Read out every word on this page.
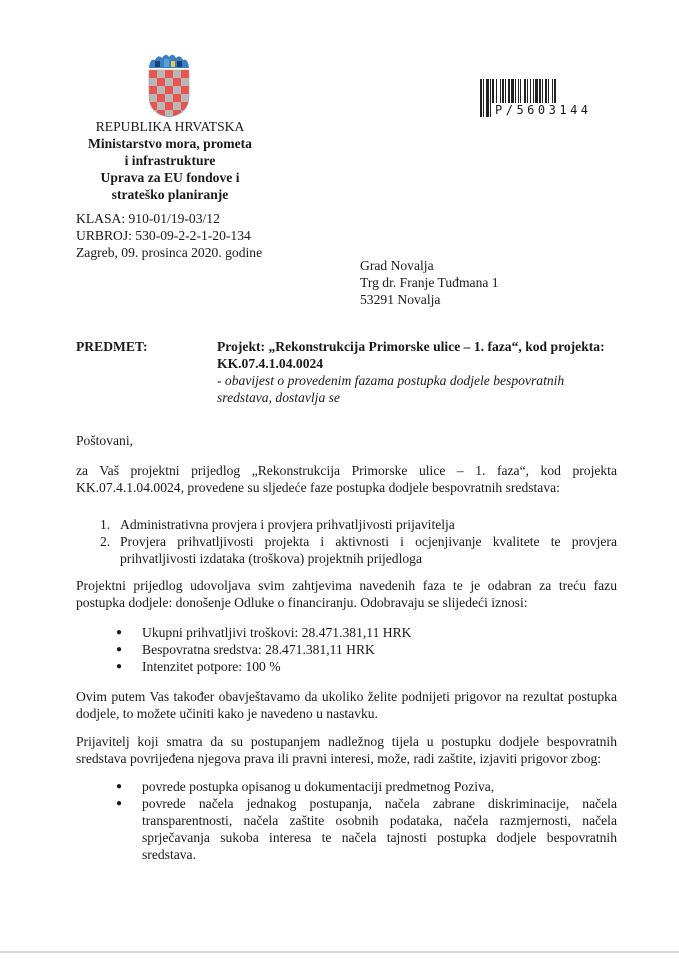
REPUBLIKA HRVATSKA
Ministarstvo mora, prometa
i infrastrukture
Uprava za EU fondove i
strateško planiranje
KLASA: 910-01/19-03/12
URBROJ: 530-09-2-2-1-20-134
Zagreb, 09. prosinca 2020. godine
P/5603144
Grad Novalja
Trg dr. Franje Tuđmana 1
53291 Novalja
PREDMET:	Projekt: „Rekonstrukcija Primorske ulice – 1. faza“, kod projekta: KK.07.4.1.04.0024
- obavijest o provedenim fazama postupka dodjele bespovratnih sredstava, dostavlja se
Poštovani,
za Vaš projektni prijedlog „Rekonstrukcija Primorske ulice – 1. faza“, kod projekta KK.07.4.1.04.0024, provedene su sljedeće faze postupka dodjele bespovratnih sredstava:
1. Administrativna provjera i provjera prihvatljivosti prijavitelja
2. Provjera prihvatljivosti projekta i aktivnosti i ocjenjivanje kvalitete te provjera prihvatljivosti izdataka (troškova) projektnih prijedloga
Projektni prijedlog udovoljava svim zahtjevima navedenih faza te je odabran za treću fazu postupka dodjele: donošenje Odluke o financiranju. Odobravaju se slijedeći iznosi:
●	Ukupni prihvatljivi troškovi: 28.471.381,11 HRK
●	Bespovratna sredstva: 28.471.381,11 HRK
●	Intenzitet potpore: 100 %
Ovim putem Vas također obavještavamo da ukoliko želite podnijeti prigovor na rezultat postupka dodjele, to možete učiniti kako je navedeno u nastavku.
Prijavitelj koji smatra da su postupanjem nadležnog tijela u postupku dodjele bespovratnih sredstava povrijeđena njegova prava ili pravni interesi, može, radi zaštite, izjaviti prigovor zbog:
●	povrede postupka opisanog u dokumentaciji predmetnog Poziva,
●	povrede načela jednakog postupanja, načela zabrane diskriminacije, načela transparentnosti, načela zaštite osobnih podataka, načela razmjernosti, načela sprječavanja sukoba interesa te načela tajnosti postupka dodjele bespovratnih sredstava.
